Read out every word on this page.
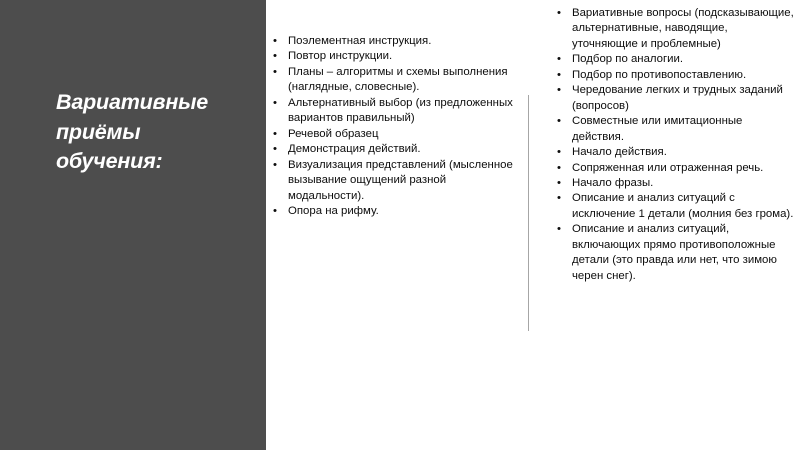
Вариативные приёмы обучения:
• Поэлементная инструкция.
• Повтор инструкции.
• Планы – алгоритмы и схемы выполнения (наглядные, словесные).
• Альтернативный выбор (из предложенных вариантов правильный)
• Речевой образец
• Демонстрация действий.
• Визуализация представлений (мысленное вызывание ощущений разной модальности).
• Опора на рифму.
• Вариативные вопросы (подсказывающие, альтернативные, наводящие, уточняющие и проблемные)
• Подбор по аналогии.
• Подбор по противопоставлению.
• Чередование легких и трудных заданий (вопросов)
• Совместные или имитационные действия.
• Начало действия.
• Сопряженная или отраженная речь.
• Начало фразы.
• Описание и анализ ситуаций с исключение 1 детали (молния без грома).
• Описание и анализ ситуаций, включающих прямо противоположные детали (это правда или нет, что зимою черен снег).
